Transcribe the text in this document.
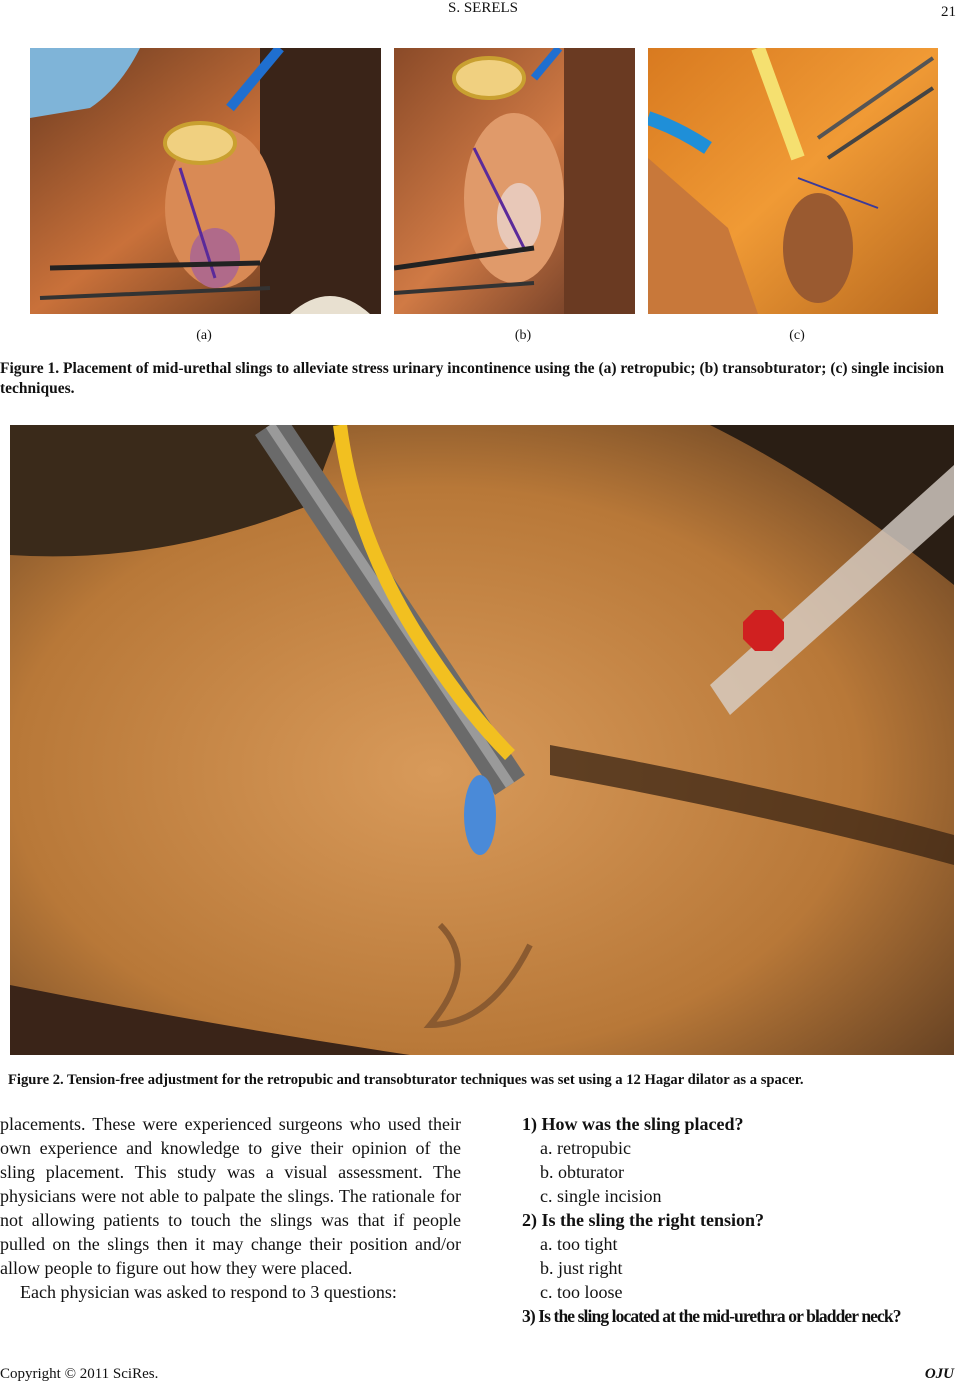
S. SERELS	21
(a)	(b)	(c)
Figure 1. Placement of mid-urethal slings to alleviate stress urinary incontinence using the (a) retropubic; (b) transobturator; (c) single incision techniques.
Figure 2. Tension-free adjustment for the retropubic and transobturator techniques was set using a 12 Hagar dilator as a spacer.

placements. These were experienced surgeons who used their own experience and knowledge to give their opinion of the sling placement. This study was a visual assessment. The physicians were not able to palpate the slings. The rationale for not allowing patients to touch the slings was that if people pulled on the slings then it may change their position and/or allow people to figure out how they were placed.

Each physician was asked to respond to 3 questions:

1) How was the sling placed?
a. retropubic
b. obturator
c. single incision
2) Is the sling the right tension?
a. too tight
b. just right
c. too loose
3) Is the sling located at the mid-urethra or bladder neck?
Copyright © 2011 SciRes.	OJU
